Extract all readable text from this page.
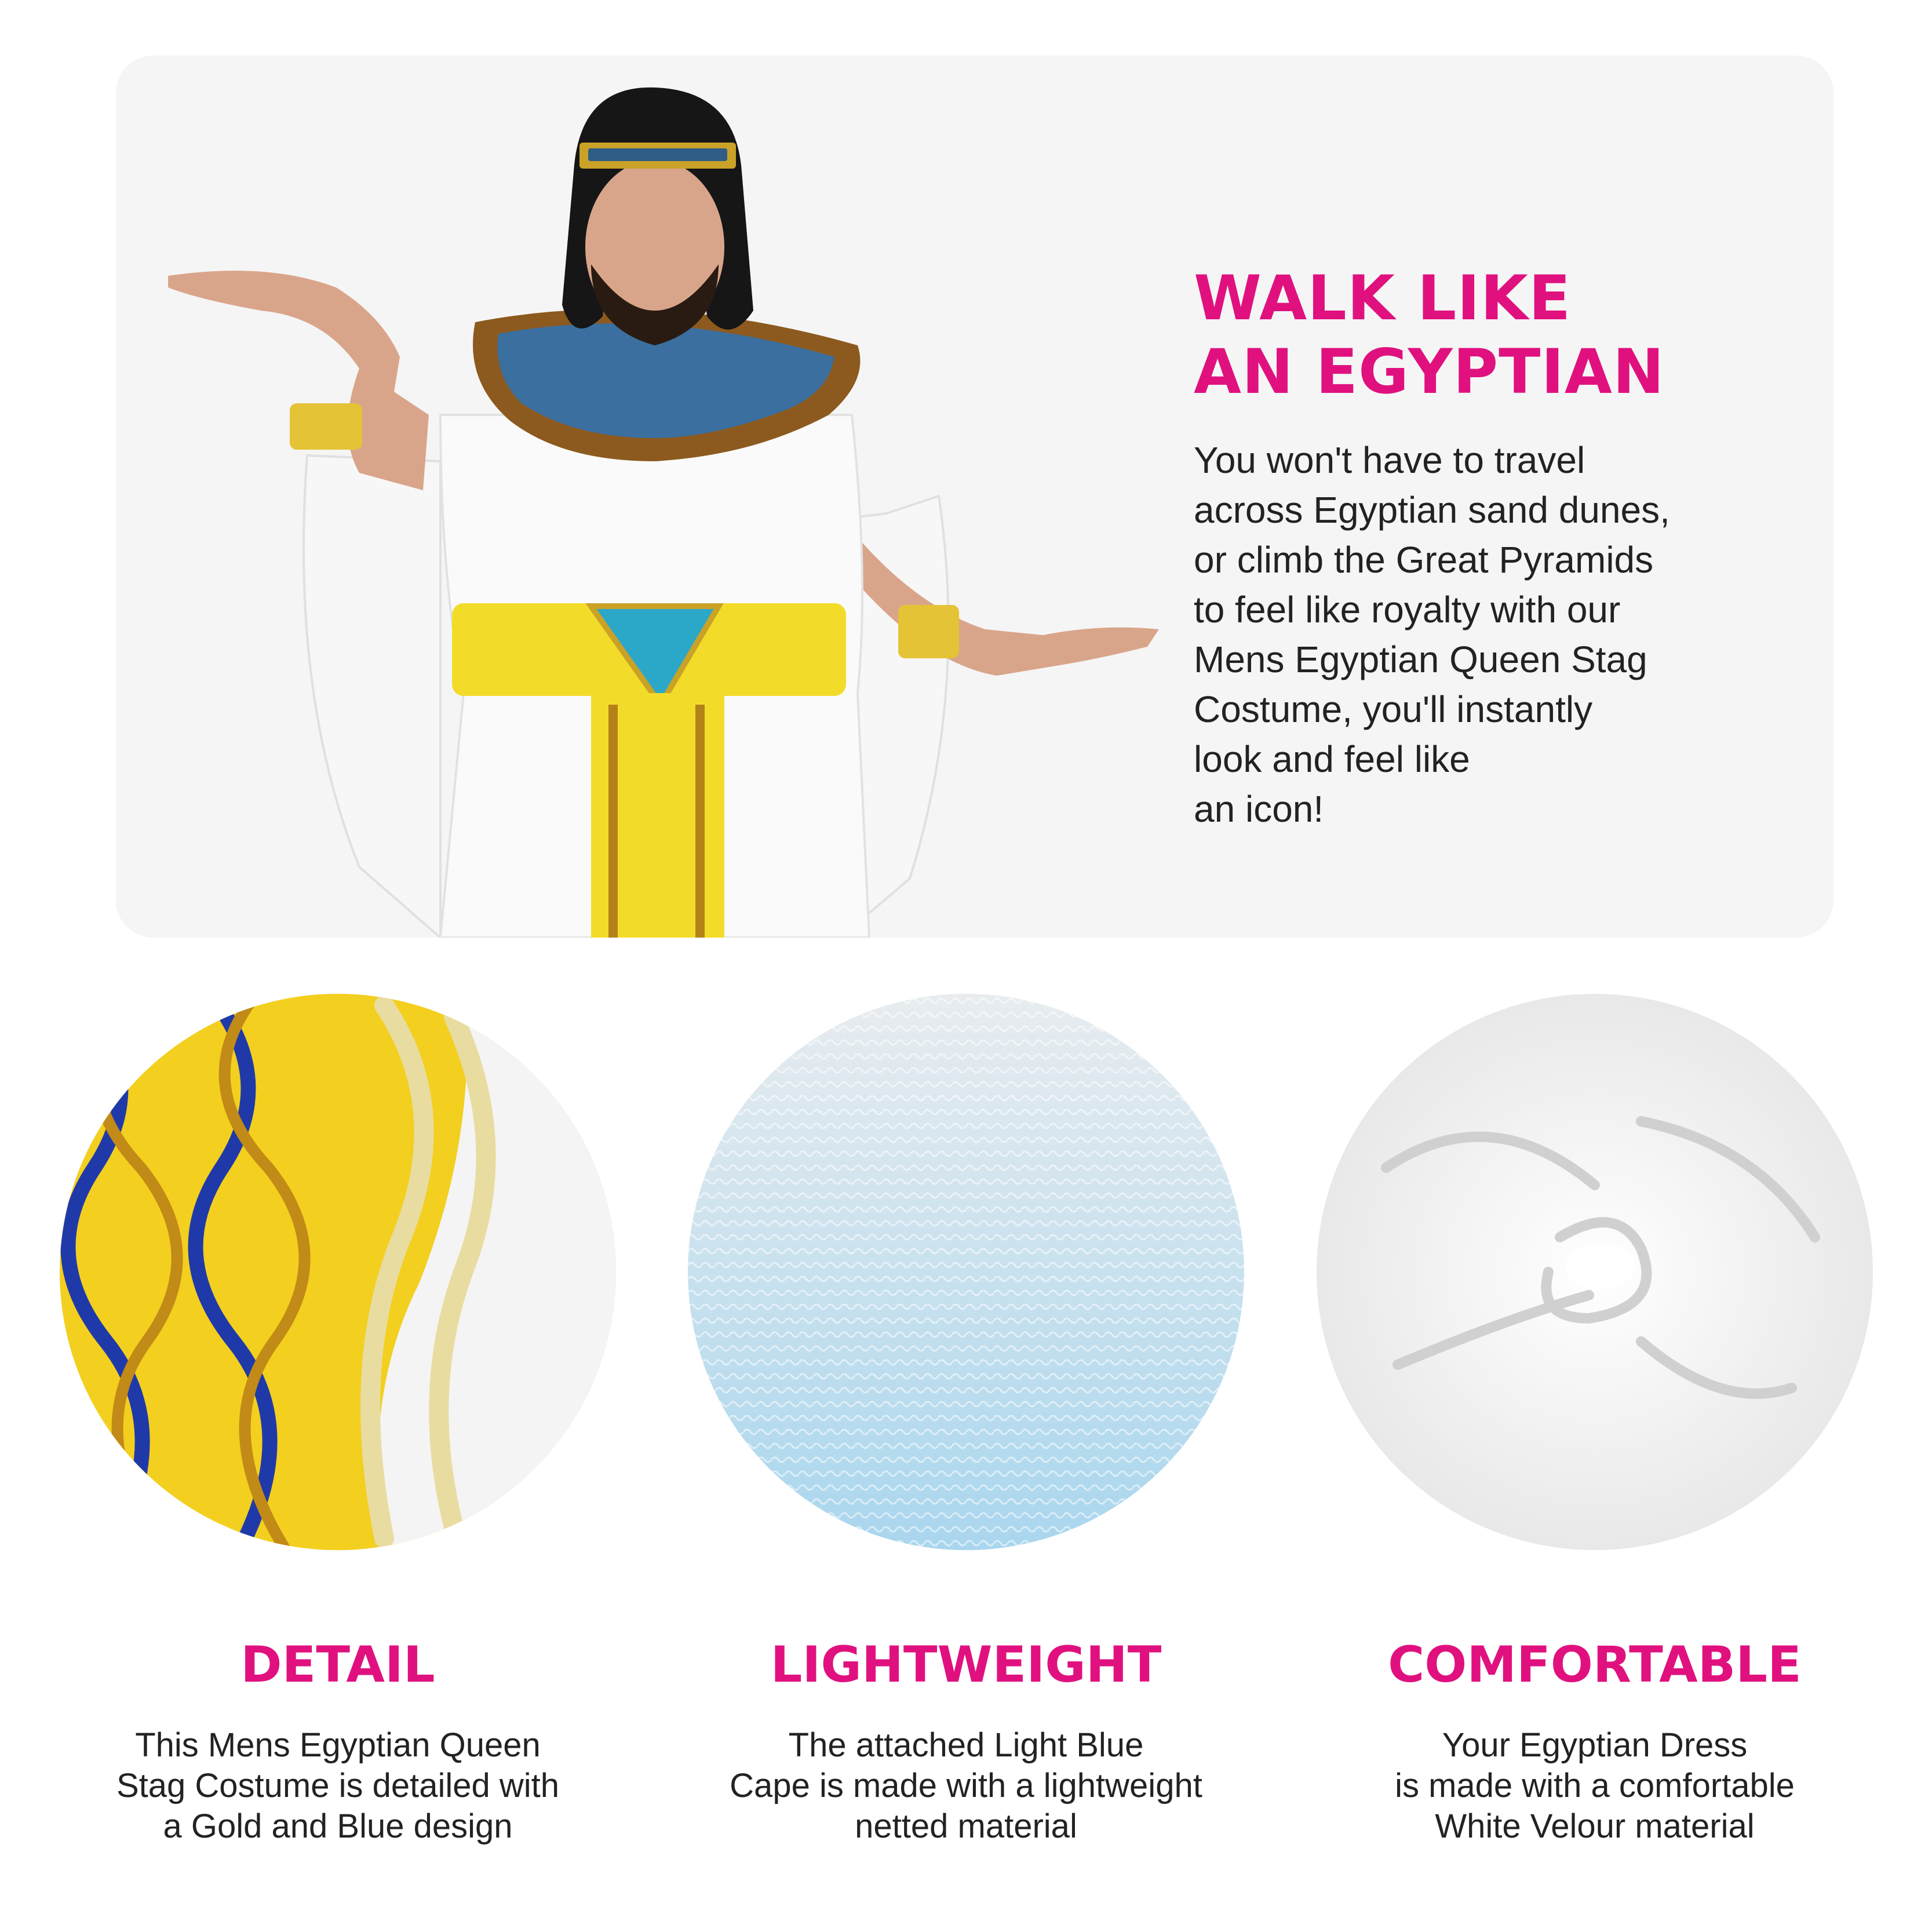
WALK LIKE
AN EGYPTIAN
You won't have to travel
across Egyptian sand dunes,
or climb the Great Pyramids
to feel like royalty with our
Mens Egyptian Queen Stag
Costume, you'll instantly
look and feel like
an icon!
DETAIL
This Mens Egyptian Queen
Stag Costume is detailed with
a Gold and Blue design
LIGHTWEIGHT
The attached Light Blue
Cape is made with a lightweight
netted material
COMFORTABLE
Your Egyptian Dress
is made with a comfortable
White Velour material
